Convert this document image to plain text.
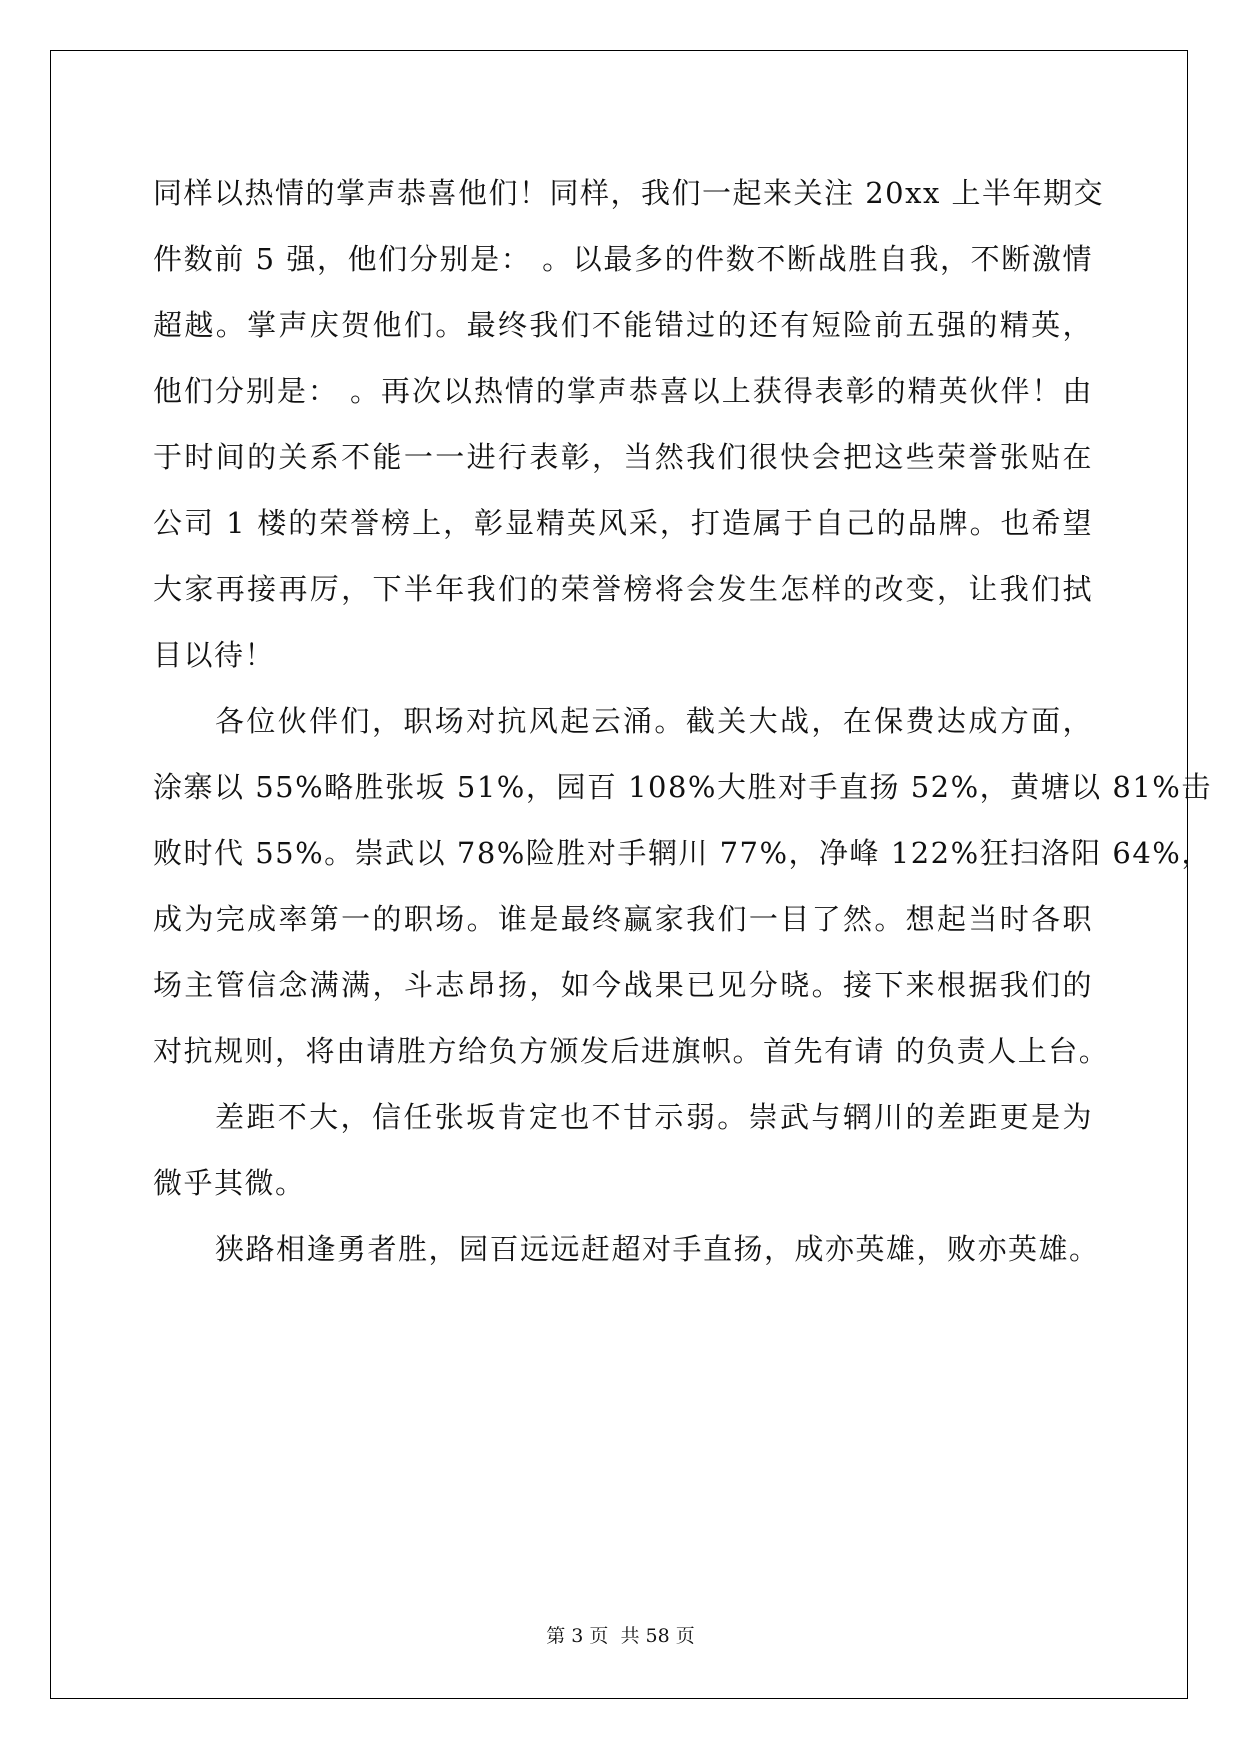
同样以热情的掌声恭喜他们！同样，我们一起来关注 20xx 上半年期交

件数前 5 强，他们分别是： 。以最多的件数不断战胜自我，不断激情

超越。掌声庆贺他们。最终我们不能错过的还有短险前五强的精英，

他们分别是： 。再次以热情的掌声恭喜以上获得表彰的精英伙伴！由

于时间的关系不能一一进行表彰，当然我们很快会把这些荣誉张贴在

公司 1 楼的荣誉榜上，彰显精英风采，打造属于自己的品牌。也希望

大家再接再厉，下半年我们的荣誉榜将会发生怎样的改变，让我们拭

目以待！

各位伙伴们，职场对抗风起云涌。截关大战，在保费达成方面，

涂寨以 55%略胜张坂 51%，园百 108%大胜对手直扬 52%，黄塘以 81%击

败时代 55%。崇武以 78%险胜对手辋川 77%，净峰 122%狂扫洛阳 64%，

成为完成率第一的职场。谁是最终赢家我们一目了然。想起当时各职

场主管信念满满，斗志昂扬，如今战果已见分晓。接下来根据我们的

对抗规则，将由请胜方给负方颁发后进旗帜。首先有请 的负责人上台。

差距不大，信任张坂肯定也不甘示弱。崇武与辋川的差距更是为

微乎其微。

狭路相逢勇者胜，园百远远赶超对手直扬，成亦英雄，败亦英雄。

第 3 页 共 58 页
